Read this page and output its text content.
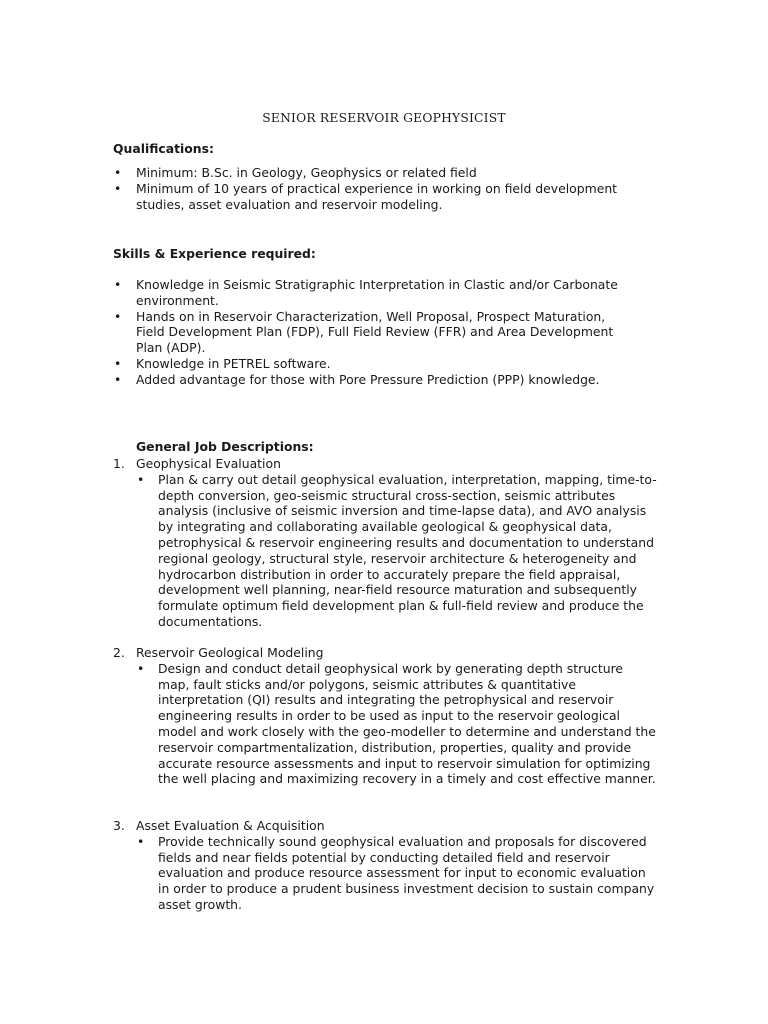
SENIOR RESERVOIR GEOPHYSICIST
Qualifications:
• Minimum: B.Sc. in Geology, Geophysics or related field
• Minimum of 10 years of practical experience in working on field development studies, asset evaluation and reservoir modeling.
Skills & Experience required:
• Knowledge in Seismic Stratigraphic Interpretation in Clastic and/or Carbonate environment.
• Hands on in Reservoir Characterization, Well Proposal, Prospect Maturation, Field Development Plan (FDP), Full Field Review (FFR) and Area Development Plan (ADP).
• Knowledge in PETREL software.
• Added advantage for those with Pore Pressure Prediction (PPP) knowledge.
General Job Descriptions:
1. Geophysical Evaluation
• Plan & carry out detail geophysical evaluation, interpretation, mapping, time-to-depth conversion, geo-seismic structural cross-section, seismic attributes analysis (inclusive of seismic inversion and time-lapse data), and AVO analysis by integrating and collaborating available geological & geophysical data, petrophysical & reservoir engineering results and documentation to understand regional geology, structural style, reservoir architecture & heterogeneity and hydrocarbon distribution in order to accurately prepare the field appraisal, development well planning, near-field resource maturation and subsequently formulate optimum field development plan & full-field review and produce the documentations.
2. Reservoir Geological Modeling
• Design and conduct detail geophysical work by generating depth structure map, fault sticks and/or polygons, seismic attributes & quantitative interpretation (QI) results and integrating the petrophysical and reservoir engineering results in order to be used as input to the reservoir geological model and work closely with the geo-modeller to determine and understand the reservoir compartmentalization, distribution, properties, quality and provide accurate resource assessments and input to reservoir simulation for optimizing the well placing and maximizing recovery in a timely and cost effective manner.
3. Asset Evaluation & Acquisition
• Provide technically sound geophysical evaluation and proposals for discovered fields and near fields potential by conducting detailed field and reservoir evaluation and produce resource assessment for input to economic evaluation in order to produce a prudent business investment decision to sustain company asset growth.
